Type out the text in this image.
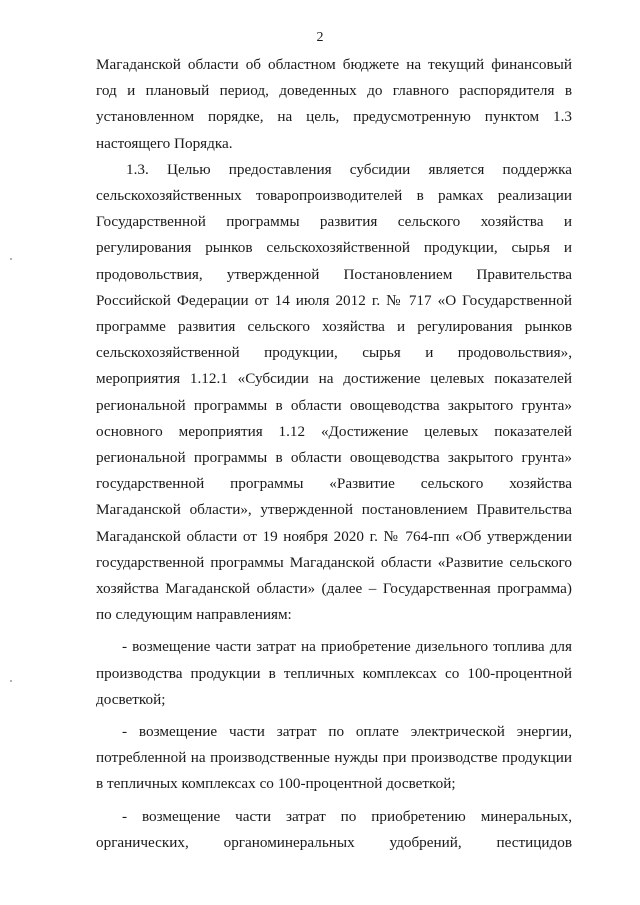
2

Магаданской области об областном бюджете на текущий финансовый год и плановый период, доведенных до главного распорядителя в установленном порядке, на цель, предусмотренную пунктом 1.3 настоящего Порядка.

1.3. Целью предоставления субсидии является поддержка сельскохозяйственных товаропроизводителей в рамках реализации Государственной программы развития сельского хозяйства и регулирования рынков сельскохозяйственной продукции, сырья и продовольствия, утвержденной Постановлением Правительства Российской Федерации от 14 июля 2012 г. № 717 «О Государственной программе развития сельского хозяйства и регулирования рынков сельскохозяйственной продукции, сырья и продовольствия», мероприятия 1.12.1 «Субсидии на достижение целевых показателей региональной программы в области овощеводства закрытого грунта» основного мероприятия 1.12 «Достижение целевых показателей региональной программы в области овощеводства закрытого грунта» государственной программы «Развитие сельского хозяйства Магаданской области», утвержденной постановлением Правительства Магаданской области от 19 ноября 2020 г. № 764-пп «Об утверждении государственной программы Магаданской области «Развитие сельского хозяйства Магаданской области» (далее – Государственная программа) по следующим направлениям:

- возмещение части затрат на приобретение дизельного топлива для производства продукции в тепличных комплексах со 100-процентной досветкой;

- возмещение части затрат по оплате электрической энергии, потребленной на производственные нужды при производстве продукции в тепличных комплексах со 100-процентной досветкой;

- возмещение части затрат по приобретению минеральных, органических, органоминеральных удобрений, пестицидов
